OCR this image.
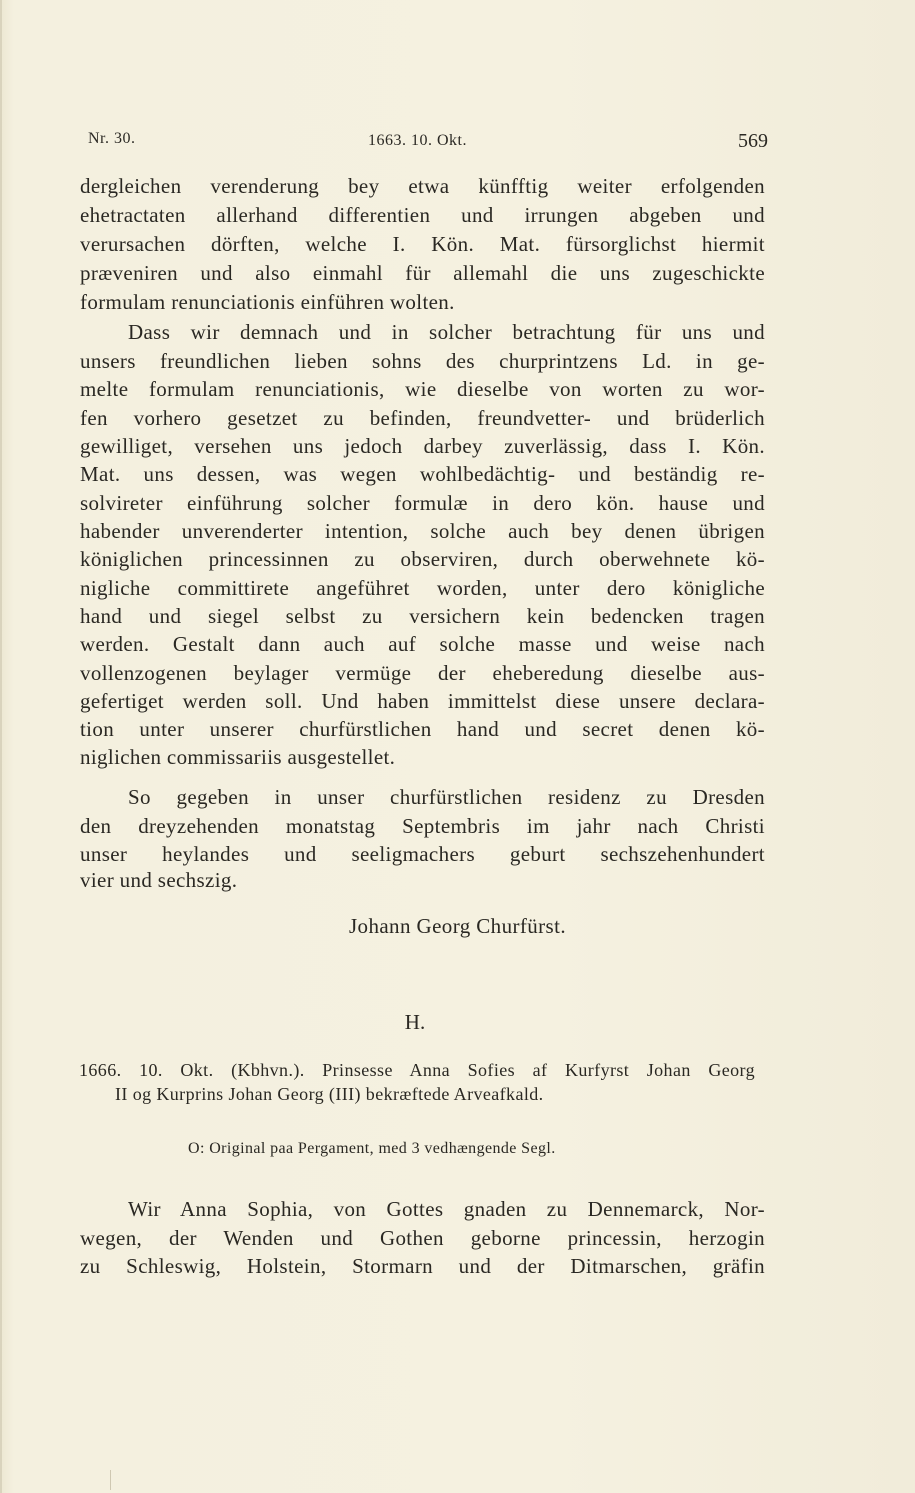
Nr. 30.	1663. 10. Okt.	569
dergleichen verenderung bey etwa künfftig weiter erfolgenden
ehetractaten allerhand differentien und irrungen abgeben und
verursachen dörften, welche I. Kön. Mat. fürsorglichst hiermit
præveniren und also einmahl für allemahl die uns zugeschickte
formulam renunciationis einführen wolten.
Dass wir demnach und in solcher betrachtung für uns und
unsers freundlichen lieben sohns des churprintzens Ld. in ge-
melte formulam renunciationis, wie dieselbe von worten zu wor-
fen vorhero gesetzet zu befinden, freundvetter- und brüderlich
gewilliget, versehen uns jedoch darbey zuverlässig, dass I. Kön.
Mat. uns dessen, was wegen wohlbedächtig- und beständig re-
solvireter einführung solcher formulæ in dero kön. hause und
habender unverenderter intention, solche auch bey denen übrigen
königlichen princessinnen zu observiren, durch oberwehnete kö-
nigliche committirete angeführet worden, unter dero königliche
hand und siegel selbst zu versichern kein bedencken tragen
werden. Gestalt dann auch auf solche masse und weise nach
vollenzogenen beylager vermüge der eheberedung dieselbe aus-
gefertiget werden soll. Und haben immittelst diese unsere declara-
tion unter unserer churfürstlichen hand und secret denen kö-
niglichen commissariis ausgestellet.
So gegeben in unser churfürstlichen residenz zu Dresden
den dreyzehenden monatstag Septembris im jahr nach Christi
unser heylandes und seeligmachers geburt sechszehenhundert
vier und sechszig.
Johann Georg Churfürst.
H.
1666. 10. Okt. (Kbhvn.). Prinsesse Anna Sofies af Kurfyrst Johan Georg
II og Kurprins Johan Georg (III) bekræftede Arveafkald.
O: Original paa Pergament, med 3 vedhængende Segl.
Wir Anna Sophia, von Gottes gnaden zu Dennemarck, Nor-
wegen, der Wenden und Gothen geborne princessin, herzogin
zu Schleswig, Holstein, Stormarn und der Ditmarschen, gräfin
